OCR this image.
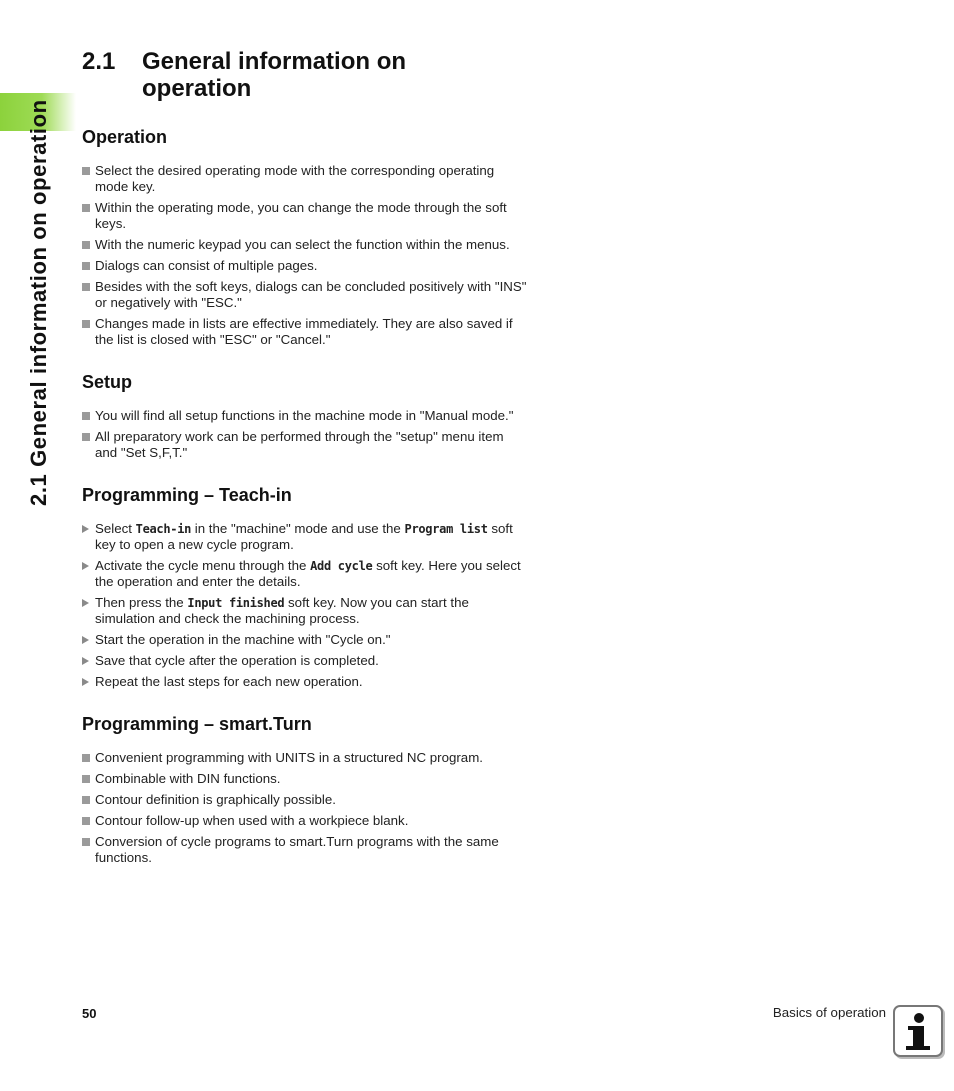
2.1 General information on operation
2.1	General information on operation
Operation
Select the desired operating mode with the corresponding operating mode key.
Within the operating mode, you can change the mode through the soft keys.
With the numeric keypad you can select the function within the menus.
Dialogs can consist of multiple pages.
Besides with the soft keys, dialogs can be concluded positively with "INS" or negatively with "ESC."
Changes made in lists are effective immediately. They are also saved if the list is closed with "ESC" or "Cancel."
Setup
You will find all setup functions in the machine mode in "Manual mode."
All preparatory work can be performed through the "setup" menu item and "Set S,F,T."
Programming – Teach-in
Select Teach-in in the "machine" mode and use the Program list soft key to open a new cycle program.
Activate the cycle menu through the Add cycle soft key. Here you select the operation and enter the details.
Then press the Input finished soft key. Now you can start the simulation and check the machining process.
Start the operation in the machine with "Cycle on."
Save that cycle after the operation is completed.
Repeat the last steps for each new operation.
Programming – smart.Turn
Convenient programming with UNITS in a structured NC program.
Combinable with DIN functions.
Contour definition is graphically possible.
Contour follow-up when used with a workpiece blank.
Conversion of cycle programs to smart.Turn programs with the same functions.
50	Basics of operation
